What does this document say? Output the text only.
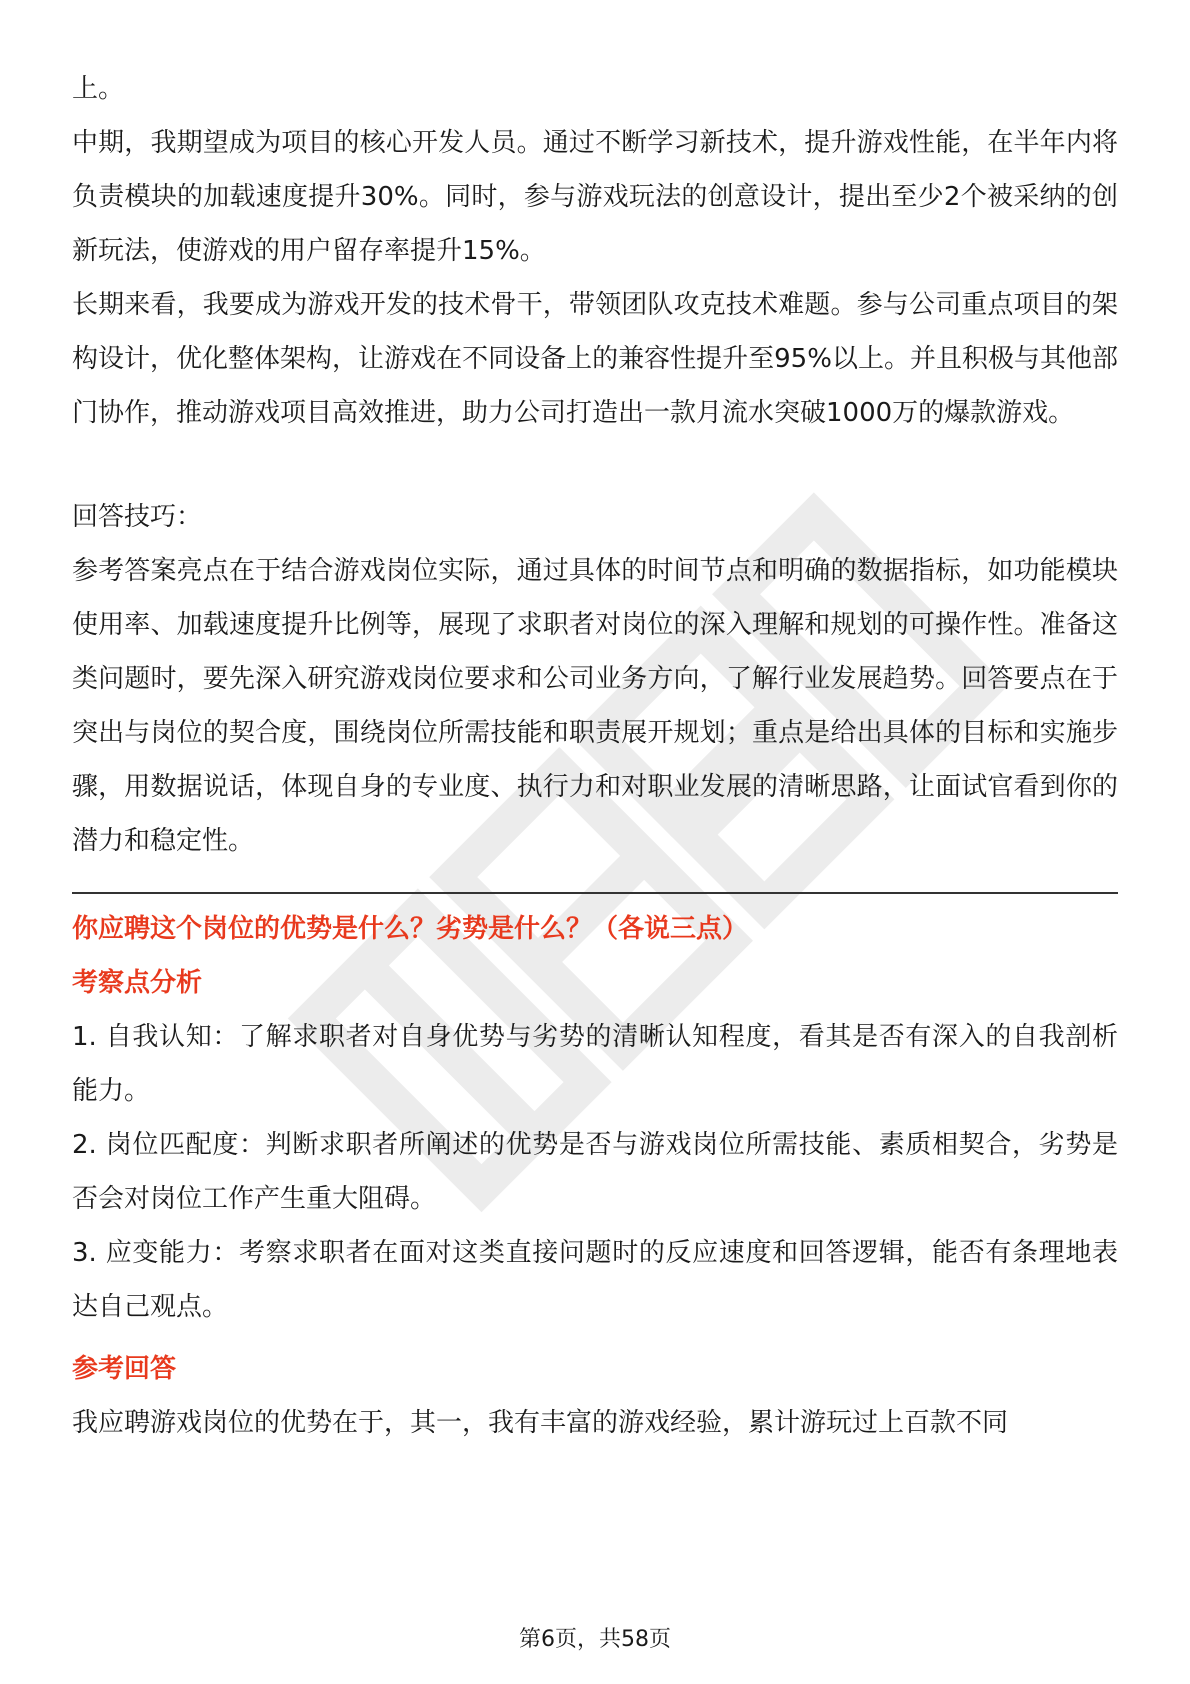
上。

中期，我期望成为项目的核心开发人员。通过不断学习新技术，提升游戏性能，在半年内将负责模块的加载速度提升30%。同时，参与游戏玩法的创意设计，提出至少2个被采纳的创新玩法，使游戏的用户留存率提升15%。

长期来看，我要成为游戏开发的技术骨干，带领团队攻克技术难题。参与公司重点项目的架构设计，优化整体架构，让游戏在不同设备上的兼容性提升至95%以上。并且积极与其他部门协作，推动游戏项目高效推进，助力公司打造出一款月流水突破1000万的爆款游戏。

回答技巧：

参考答案亮点在于结合游戏岗位实际，通过具体的时间节点和明确的数据指标，如功能模块使用率、加载速度提升比例等，展现了求职者对岗位的深入理解和规划的可操作性。准备这类问题时，要先深入研究游戏岗位要求和公司业务方向，了解行业发展趋势。回答要点在于突出与岗位的契合度，围绕岗位所需技能和职责展开规划；重点是给出具体的目标和实施步骤，用数据说话，体现自身的专业度、执行力和对职业发展的清晰思路，让面试官看到你的潜力和稳定性。

你应聘这个岗位的优势是什么？劣势是什么？（各说三点）

考察点分析

1. 自我认知：了解求职者对自身优势与劣势的清晰认知程度，看其是否有深入的自我剖析能力。

2. 岗位匹配度：判断求职者所阐述的优势是否与游戏岗位所需技能、素质相契合，劣势是否会对岗位工作产生重大阻碍。

3. 应变能力：考察求职者在面对这类直接问题时的反应速度和回答逻辑，能否有条理地表达自己观点。

参考回答

我应聘游戏岗位的优势在于，其一，我有丰富的游戏经验，累计游玩过上百款不同

第6页，共58页
